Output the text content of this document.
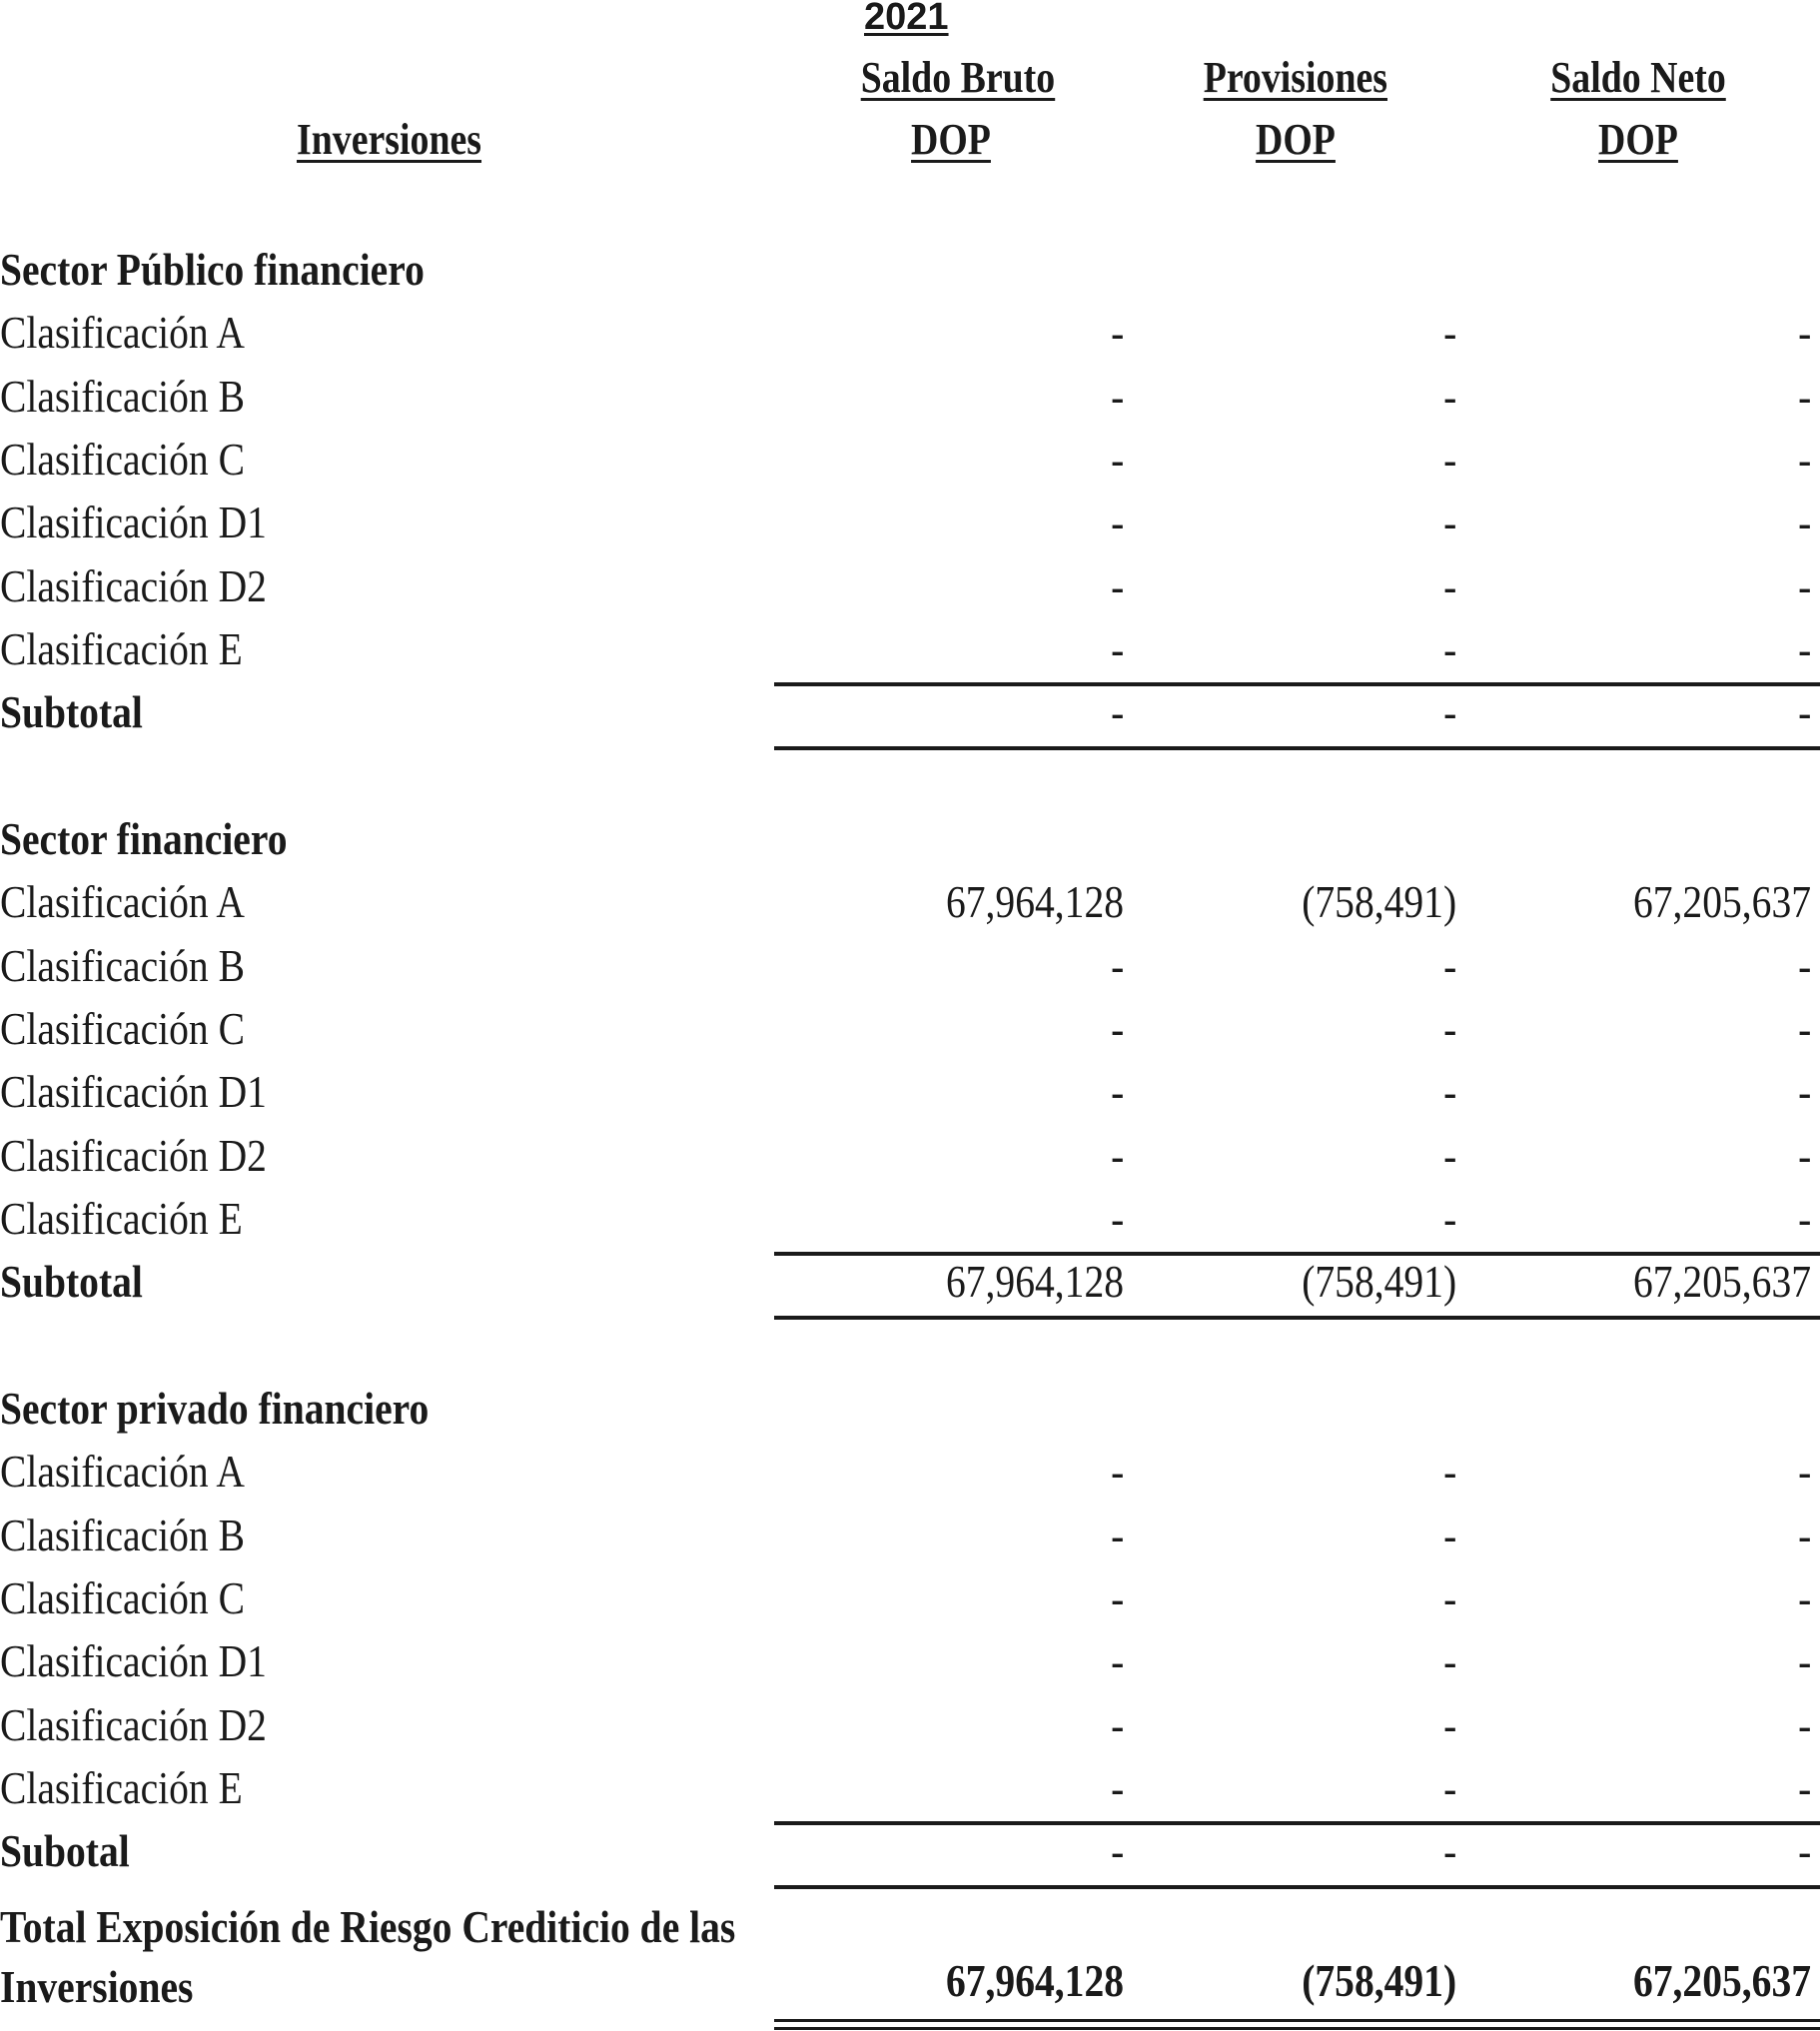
2021
Saldo Bruto	Provisiones	Saldo Neto
Inversiones	DOP	DOP	DOP
Sector Público financiero
Clasificación A	-	-	-
Clasificación B	-	-	-
Clasificación C	-	-	-
Clasificación D1	-	-	-
Clasificación D2	-	-	-
Clasificación E	-	-	-
Subtotal	-	-	-
Sector financiero
Clasificación A	67,964,128	(758,491)	67,205,637
Clasificación B	-	-	-
Clasificación C	-	-	-
Clasificación D1	-	-	-
Clasificación D2	-	-	-
Clasificación E	-	-	-
Subtotal	67,964,128	(758,491)	67,205,637
Sector privado financiero
Clasificación A	-	-	-
Clasificación B	-	-	-
Clasificación C	-	-	-
Clasificación D1	-	-	-
Clasificación D2	-	-	-
Clasificación E	-	-	-
Subotal	-	-	-
Total Exposición de Riesgo Crediticio de las
Inversiones	67,964,128	(758,491)	67,205,637
